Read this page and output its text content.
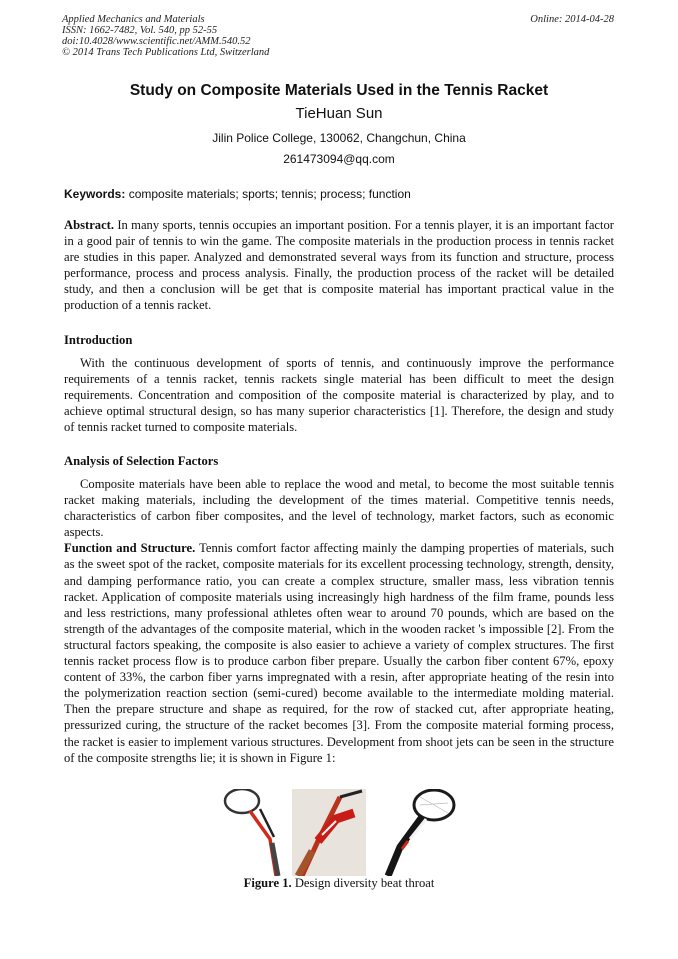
Applied Mechanics and Materials
ISSN: 1662-7482, Vol. 540, pp 52-55
doi:10.4028/www.scientific.net/AMM.540.52
© 2014 Trans Tech Publications Ltd, Switzerland
Online: 2014-04-28
Study on Composite Materials Used in the Tennis Racket
TieHuan Sun
Jilin Police College, 130062, Changchun, China
261473094@qq.com
Keywords: composite materials; sports; tennis; process; function

Abstract. In many sports, tennis occupies an important position. For a tennis player, it is an important factor in a good pair of tennis to win the game. The composite materials in the production process in tennis racket are studies in this paper. Analyzed and demonstrated several ways from its function and structure, process performance, process and process analysis. Finally, the production process of the racket will be detailed study, and then a conclusion will be get that is composite material has important practical value in the production of a tennis racket.

Introduction

With the continuous development of sports of tennis, and continuously improve the performance requirements of a tennis racket, tennis rackets single material has been difficult to meet the design requirements. Concentration and composition of the composite material is characterized by play, and to achieve optimal structural design, so has many superior characteristics [1]. Therefore, the design and study of tennis racket turned to composite materials.

Analysis of Selection Factors

Composite materials have been able to replace the wood and metal, to become the most suitable tennis racket making materials, including the development of the times material. Competitive tennis needs, characteristics of carbon fiber composites, and the level of technology, market factors, such as economic aspects.

Function and Structure. Tennis comfort factor affecting mainly the damping properties of materials, such as the sweet spot of the racket, composite materials for its excellent processing technology, strength, density, and damping performance ratio, you can create a complex structure, smaller mass, less vibration tennis racket. Application of composite materials using increasingly high hardness of the film frame, pounds less and less restrictions, many professional athletes often wear to around 70 pounds, which are based on the strength of the advantages of the composite material, which in the wooden racket 's impossible [2]. From the structural factors speaking, the composite is also easier to achieve a variety of complex structures. The first tennis racket process flow is to produce carbon fiber prepare. Usually the carbon fiber content 67%, epoxy content of 33%, the carbon fiber yarns impregnated with a resin, after appropriate heating of the resin into the polymerization reaction section (semi-cured) become available to the intermediate molding material. Then the prepare structure and shape as required, for the row of stacked cut, after appropriate heating, pressurized curing, the structure of the racket becomes [3]. From the composite material forming process, the racket is easier to implement various structures. Development from shoot jets can be seen in the structure of the composite strengths lie; it is shown in Figure 1:

Figure 1. Design diversity beat throat
